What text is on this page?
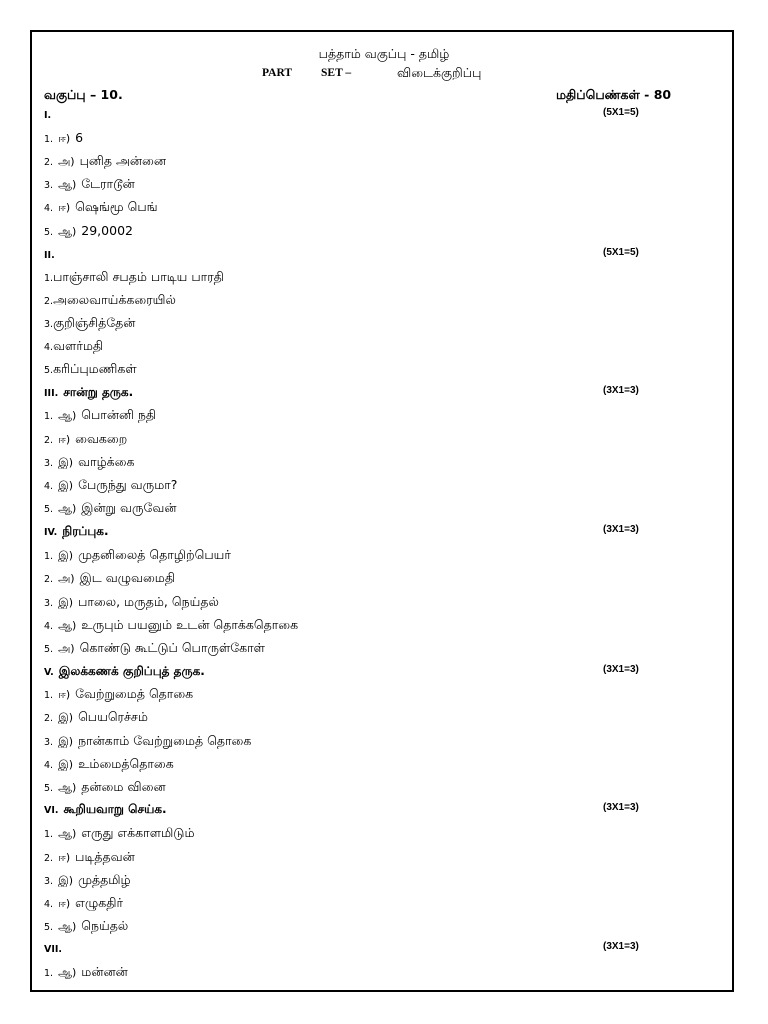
பத்தாம் வகுப்பு - தமிழ்
PART	SET –	விடைக்குறிப்பு
வகுப்பு – 10.	மதிப்பெண்கள் - 80
I.	(5X1=5)
1. ஈ) 6
2. அ) புனித அன்னை
3. ஆ) டேராடூன்
4. ஈ) ஷெங்மூ பெங்
5. ஆ) 29,0002
II.	(5X1=5)
1.பாஞ்சாலி சபதம் பாடிய பாரதி
2.அலைவாய்க்கரையில்
3.குறிஞ்சித்தேன்
4.வளர்மதி
5.கரிப்புமணிகள்
III. சான்று தருக.	(3X1=3)
1. ஆ) பொன்னி நதி
2. ஈ) வைகறை
3. இ) வாழ்க்கை
4. இ) பேருந்து வருமா?
5. ஆ) இன்று வருவேன்
IV. நிரப்புக.	(3X1=3)
1. இ) முதனிலைத் தொழிற்பெயர்
2. அ) இட வழுவமைதி
3. இ) பாலை, மருதம், நெய்தல்
4. ஆ) உருபும் பயனும் உடன் தொக்கதொகை
5. அ) கொண்டு கூட்டுப் பொருள்கோள்
V. இலக்கணக் குறிப்புத் தருக.	(3X1=3)
1. ஈ) வேற்றுமைத் தொகை
2. இ) பெயரெச்சம்
3. இ) நான்காம் வேற்றுமைத் தொகை
4. இ) உம்மைத்தொகை
5. ஆ) தன்மை வினை
VI. கூறியவாறு செய்க.	(3X1=3)
1. ஆ) எருது எக்காளமிடும்
2. ஈ) படித்தவன்
3. இ) முத்தமிழ்
4. ஈ) எழுகதிர்
5. ஆ) நெய்தல்
VII.	(3X1=3)
1. ஆ) மன்னன்
